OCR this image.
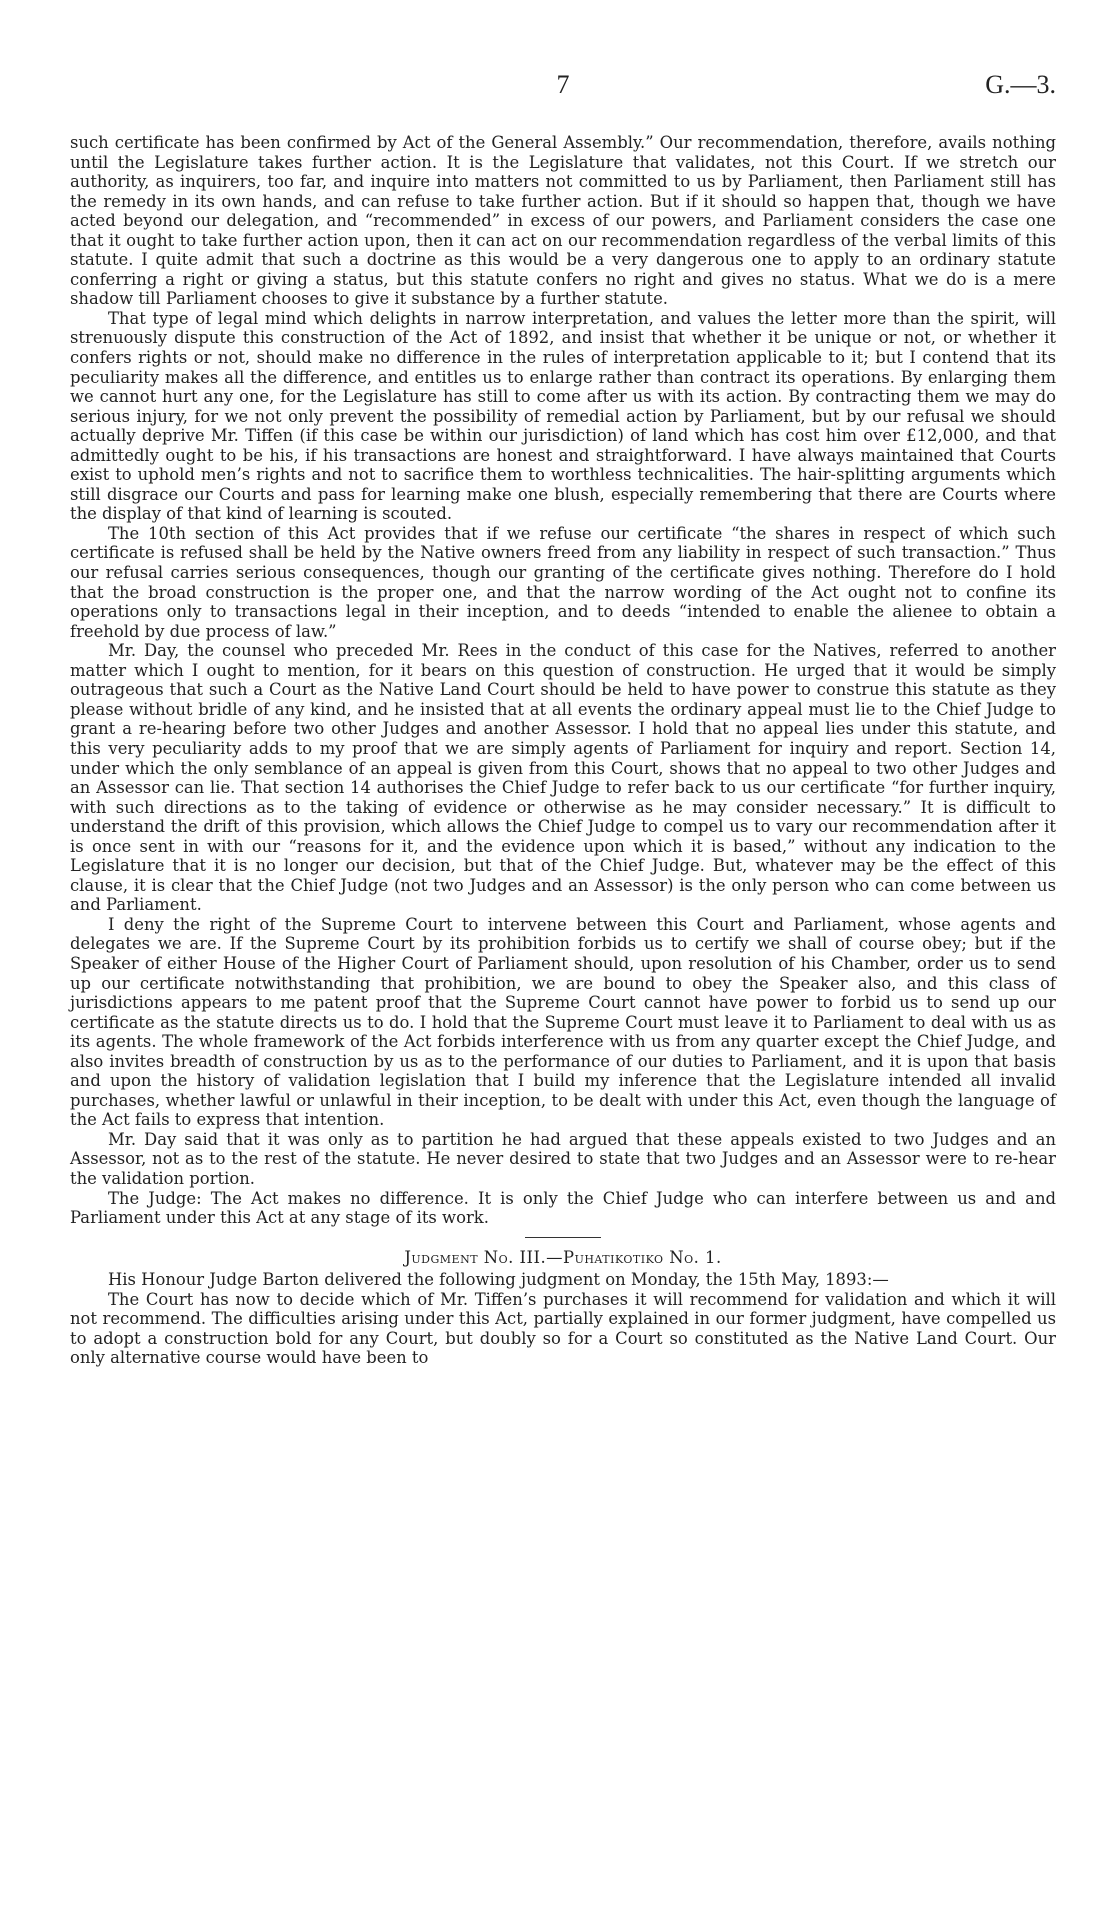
7	G.—3.

such certificate has been confirmed by Act of the General Assembly.” Our recommendation, therefore, avails nothing until the Legislature takes further action. It is the Legislature that validates, not this Court. If we stretch our authority, as inquirers, too far, and inquire into matters not committed to us by Parliament, then Parliament still has the remedy in its own hands, and can refuse to take further action. But if it should so happen that, though we have acted beyond our delegation, and “recommended” in excess of our powers, and Parliament considers the case one that it ought to take further action upon, then it can act on our recommendation regardless of the verbal limits of this statute. I quite admit that such a doctrine as this would be a very dangerous one to apply to an ordinary statute conferring a right or giving a status, but this statute confers no right and gives no status. What we do is a mere shadow till Parliament chooses to give it substance by a further statute.

That type of legal mind which delights in narrow interpretation, and values the letter more than the spirit, will strenuously dispute this construction of the Act of 1892, and insist that whether it be unique or not, or whether it confers rights or not, should make no difference in the rules of interpretation applicable to it; but I contend that its peculiarity makes all the difference, and entitles us to enlarge rather than contract its operations. By enlarging them we cannot hurt any one, for the Legislature has still to come after us with its action. By contracting them we may do serious injury, for we not only prevent the possibility of remedial action by Parliament, but by our refusal we should actually deprive Mr. Tiffen (if this case be within our jurisdiction) of land which has cost him over £12,000, and that admittedly ought to be his, if his transactions are honest and straightforward. I have always maintained that Courts exist to uphold men’s rights and not to sacrifice them to worthless technicalities. The hair-splitting arguments which still disgrace our Courts and pass for learning make one blush, especially remembering that there are Courts where the display of that kind of learning is scouted.

The 10th section of this Act provides that if we refuse our certificate “the shares in respect of which such certificate is refused shall be held by the Native owners freed from any liability in respect of such transaction.” Thus our refusal carries serious consequences, though our granting of the certificate gives nothing. Therefore do I hold that the broad construction is the proper one, and that the narrow wording of the Act ought not to confine its operations only to transactions legal in their inception, and to deeds “intended to enable the alienee to obtain a freehold by due process of law.”

Mr. Day, the counsel who preceded Mr. Rees in the conduct of this case for the Natives, referred to another matter which I ought to mention, for it bears on this question of construction. He urged that it would be simply outrageous that such a Court as the Native Land Court should be held to have power to construe this statute as they please without bridle of any kind, and he insisted that at all events the ordinary appeal must lie to the Chief Judge to grant a re-hearing before two other Judges and another Assessor. I hold that no appeal lies under this statute, and this very peculiarity adds to my proof that we are simply agents of Parliament for inquiry and report. Section 14, under which the only semblance of an appeal is given from this Court, shows that no appeal to two other Judges and an Assessor can lie. That section 14 authorises the Chief Judge to refer back to us our certificate “for further inquiry, with such directions as to the taking of evidence or otherwise as he may consider necessary.” It is difficult to understand the drift of this provision, which allows the Chief Judge to compel us to vary our recommendation after it is once sent in with our “reasons for it, and the evidence upon which it is based,” without any indication to the Legislature that it is no longer our decision, but that of the Chief Judge. But, whatever may be the effect of this clause, it is clear that the Chief Judge (not two Judges and an Assessor) is the only person who can come between us and Parliament.

I deny the right of the Supreme Court to intervene between this Court and Parliament, whose agents and delegates we are. If the Supreme Court by its prohibition forbids us to certify we shall of course obey; but if the Speaker of either House of the Higher Court of Parliament should, upon resolution of his Chamber, order us to send up our certificate notwithstanding that prohibition, we are bound to obey the Speaker also, and this class of jurisdictions appears to me patent proof that the Supreme Court cannot have power to forbid us to send up our certificate as the statute directs us to do. I hold that the Supreme Court must leave it to Parliament to deal with us as its agents. The whole framework of the Act forbids interference with us from any quarter except the Chief Judge, and also invites breadth of construction by us as to the performance of our duties to Parliament, and it is upon that basis and upon the history of validation legislation that I build my inference that the Legislature intended all invalid purchases, whether lawful or unlawful in their inception, to be dealt with under this Act, even though the language of the Act fails to express that intention.

Mr. Day said that it was only as to partition he had argued that these appeals existed to two Judges and an Assessor, not as to the rest of the statute. He never desired to state that two Judges and an Assessor were to re-hear the validation portion.

The Judge: The Act makes no difference. It is only the Chief Judge who can interfere between us and and Parliament under this Act at any stage of its work.

Judgment No. III.—Puhatikotiko No. 1.

His Honour Judge Barton delivered the following judgment on Monday, the 15th May, 1893:—

The Court has now to decide which of Mr. Tiffen’s purchases it will recommend for validation and which it will not recommend. The difficulties arising under this Act, partially explained in our former judgment, have compelled us to adopt a construction bold for any Court, but doubly so for a Court so constituted as the Native Land Court. Our only alternative course would have been to
